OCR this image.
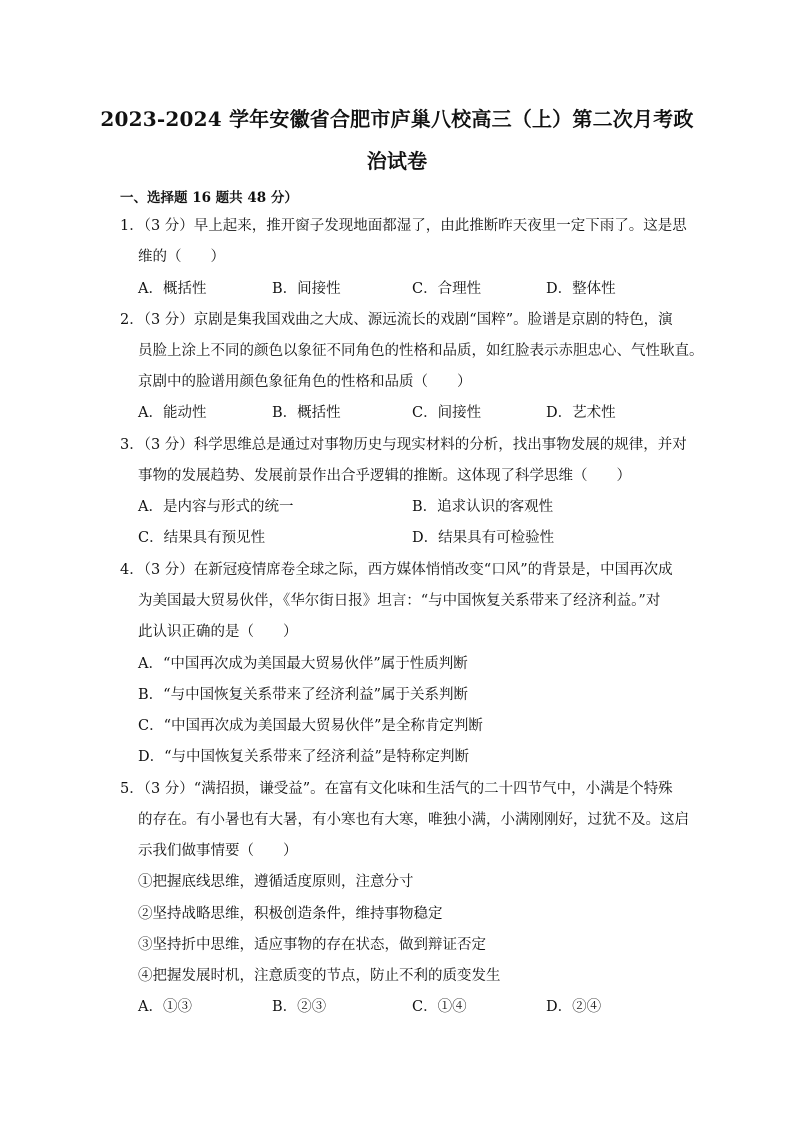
2023-2024 学年安徽省合肥市庐巢八校高三（上）第二次月考政
治试卷
一、选择题 16 题共 48 分）
1．（3 分）早上起来，推开窗子发现地面都湿了，由此推断昨天夜里一定下雨了。这是思
维的（　　）
A．概括性	B．间接性	C．合理性	D．整体性
2．（3 分）京剧是集我国戏曲之大成、源远流长的戏剧“国粹”。脸谱是京剧的特色，演
员脸上涂上不同的颜色以象征不同角色的性格和品质，如红脸表示赤胆忠心、气性耿直。
京剧中的脸谱用颜色象征角色的性格和品质（　　）
A．能动性	B．概括性	C．间接性	D．艺术性
3．（3 分）科学思维总是通过对事物历史与现实材料的分析，找出事物发展的规律，并对
事物的发展趋势、发展前景作出合乎逻辑的推断。这体现了科学思维（　　）
A．是内容与形式的统一	B．追求认识的客观性
C．结果具有预见性	D．结果具有可检验性
4．（3 分）在新冠疫情席卷全球之际，西方媒体悄悄改变“口风”的背景是，中国再次成
为美国最大贸易伙伴，《华尔街日报》坦言：“与中国恢复关系带来了经济利益。”对
此认识正确的是（　　）
A．“中国再次成为美国最大贸易伙伴”属于性质判断
B．“与中国恢复关系带来了经济利益”属于关系判断
C．“中国再次成为美国最大贸易伙伴”是全称肯定判断
D．“与中国恢复关系带来了经济利益”是特称定判断
5．（3 分）“满招损，谦受益”。在富有文化味和生活气的二十四节气中，小满是个特殊
的存在。有小暑也有大暑，有小寒也有大寒，唯独小满，小满刚刚好，过犹不及。这启
示我们做事情要（　　）
①把握底线思维，遵循适度原则，注意分寸
②坚持战略思维，积极创造条件，维持事物稳定
③坚持折中思维，适应事物的存在状态，做到辩证否定
④把握发展时机，注意质变的节点，防止不利的质变发生
A．①③	B．②③	C．①④	D．②④
